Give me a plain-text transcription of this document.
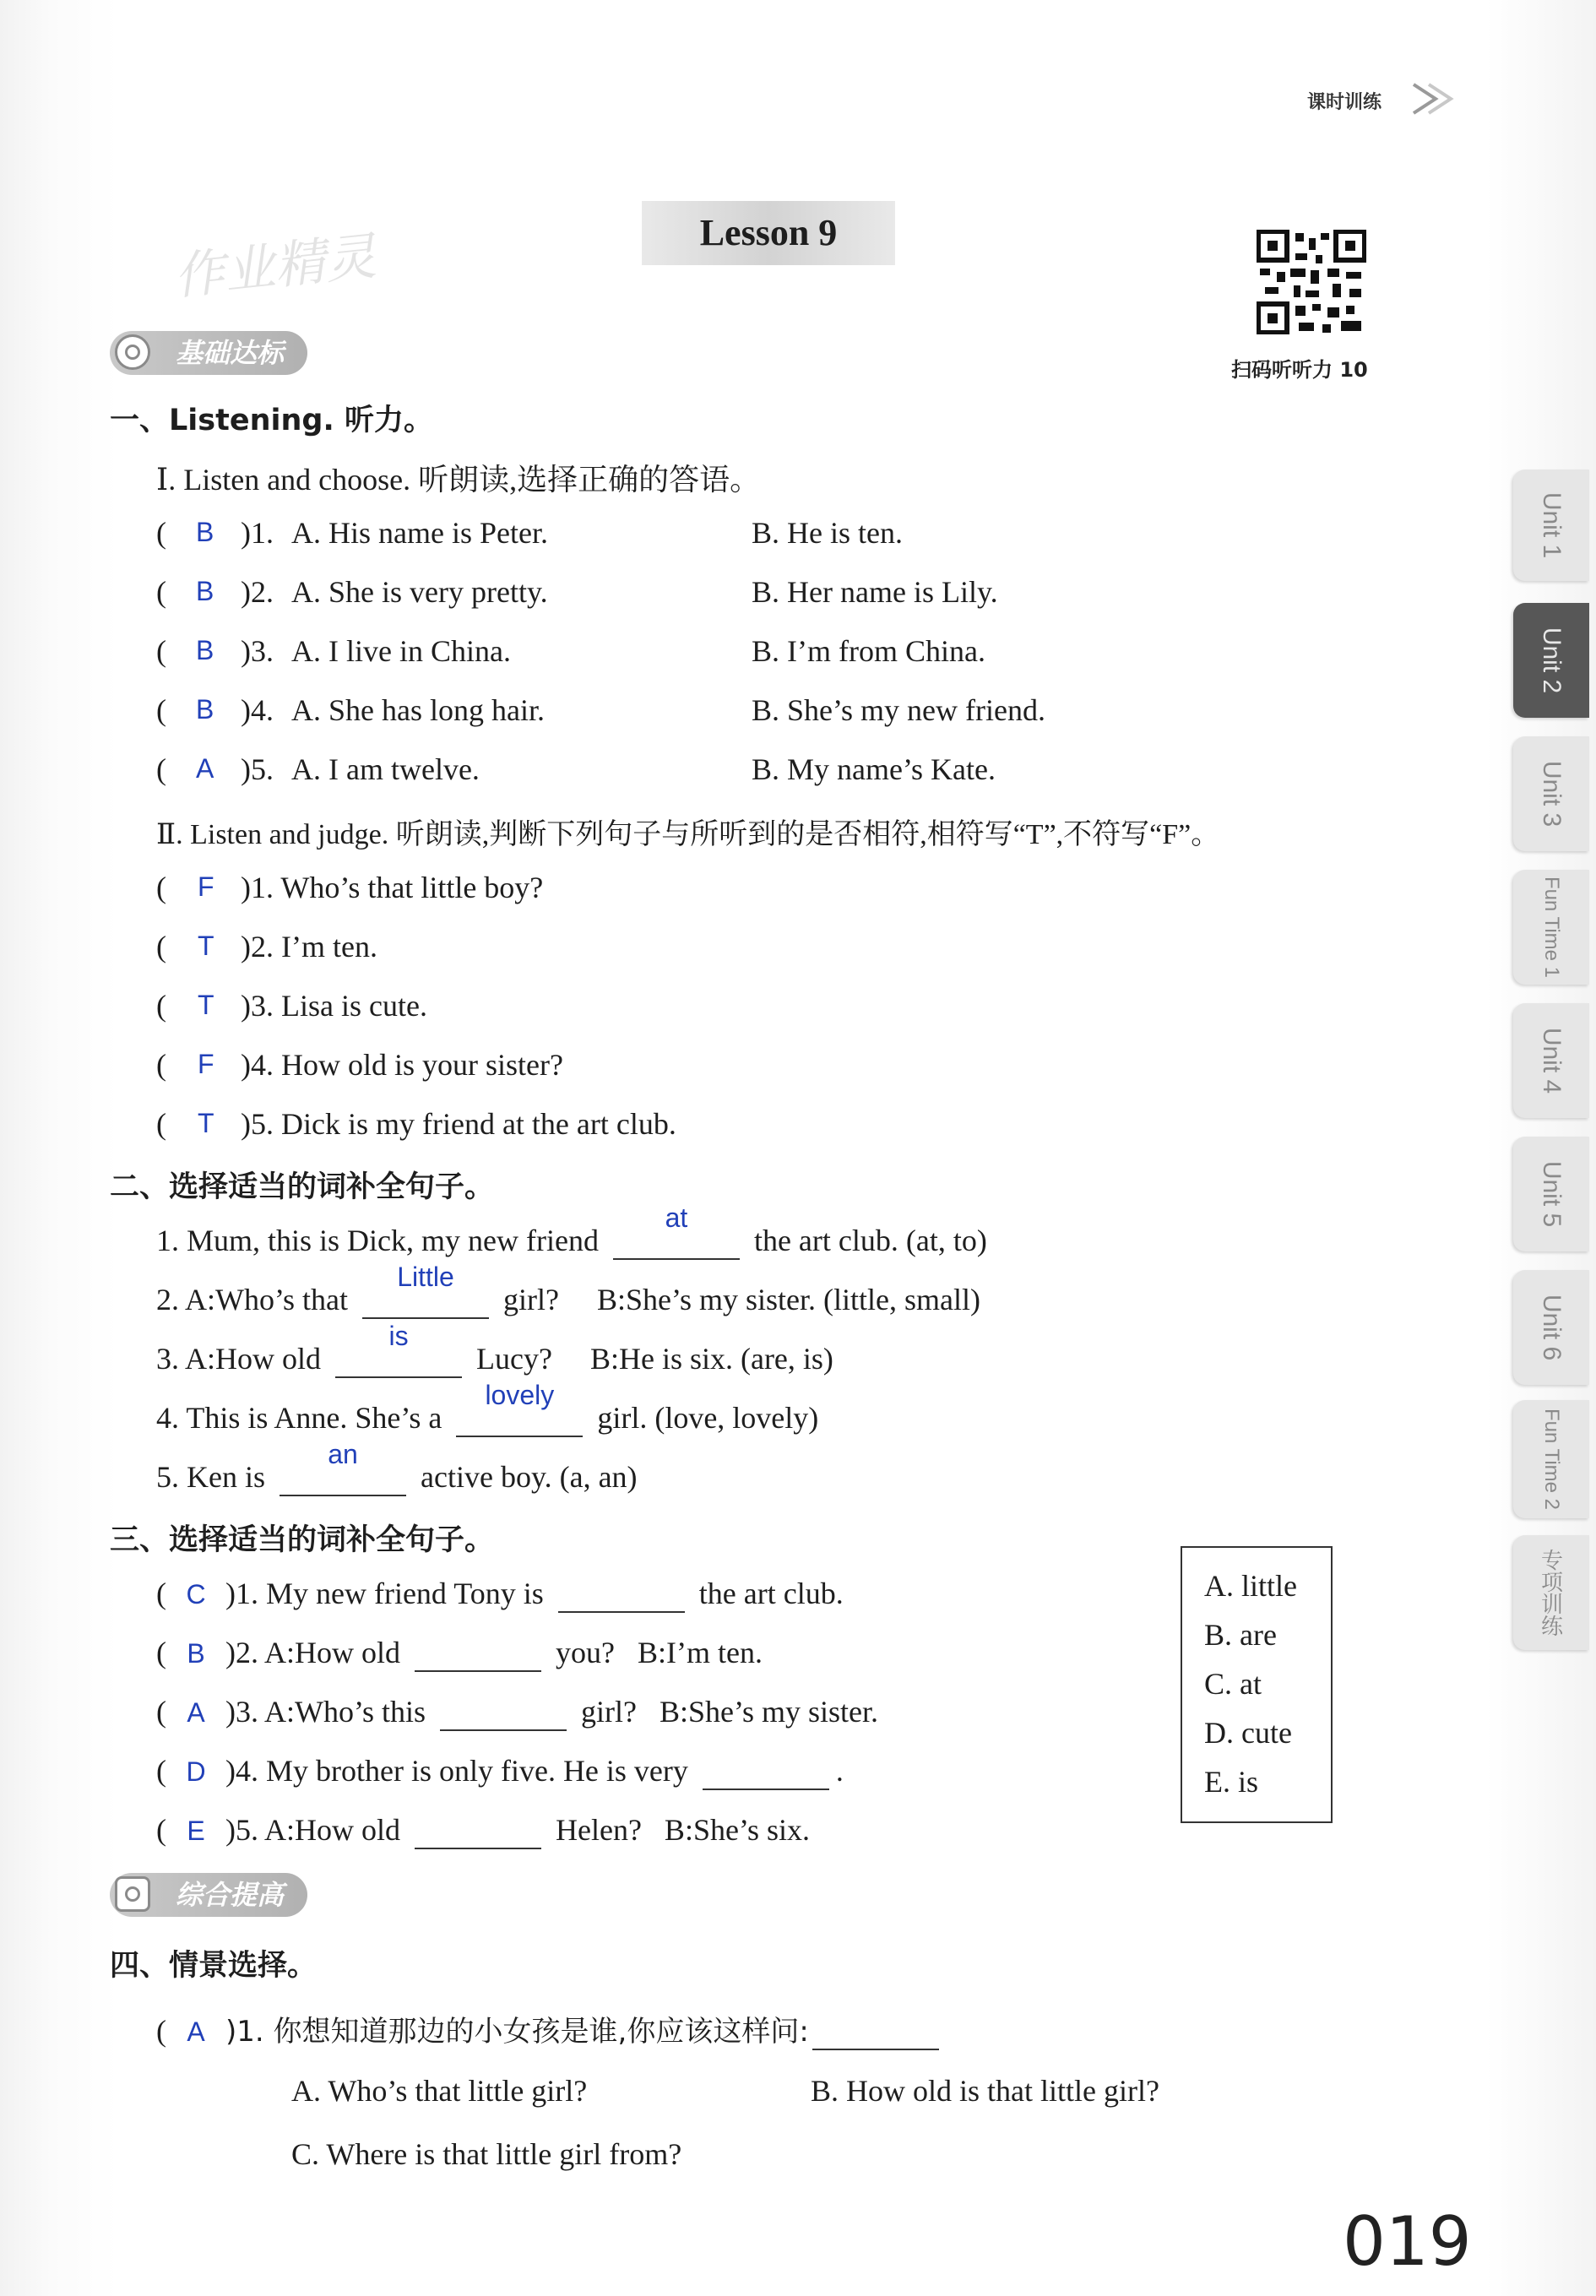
课时训练
作业精灵	Lesson 9
扫码听听力 10
Unit 1
Unit 2
Unit 3
Fun Time 1
Unit 4
Unit 5
Unit 6
Fun Time 2
专项训练
基础达标
一、Listening. 听力。
Ⅰ. Listen and choose. 听朗读,选择正确的答语。
( B )1. A. His name is Peter.	B. He is ten.
( B )2. A. She is very pretty.	B. Her name is Lily.
( B )3. A. I live in China.	B. I’m from China.
( B )4. A. She has long hair.	B. She’s my new friend.
( A )5. A. I am twelve.	B. My name’s Kate.
Ⅱ. Listen and judge. 听朗读,判断下列句子与所听到的是否相符,相符写“T”,不符写“F”。
( F )1. Who’s that little boy?
( T )2. I’m ten.
( T )3. Lisa is cute.
( F )4. How old is your sister?
( T )5. Dick is my friend at the art club.
二、选择适当的词补全句子。
1. Mum, this is Dick, my new friend
at
the art club. (at, to)
2. A:Who’s that
Little
girl?     B:She’s my sister. (little, small)
3. A:How old
is
Lucy?     B:He is six. (are, is)
4. This is Anne. She’s a
lovely
girl. (love, lovely)
5. Ken is
an
active boy. (a, an)
三、选择适当的词补全句子。
( C )1. My new friend Tony is	the art club.
( B )2. A:How old	you?   B:I’m ten.
( A )3. A:Who’s this	girl?   B:She’s my sister.
( D )4. My brother is only five. He is very	.
( E )5. A:How old	Helen?   B:She’s six.
A. little
B. are
C. at
D. cute
E. is
综合提高
四、情景选择。
( A )1. 你想知道那边的小女孩是谁,你应该这样问:
A. Who’s that little girl?	B. How old is that little girl?
C. Where is that little girl from?
019
